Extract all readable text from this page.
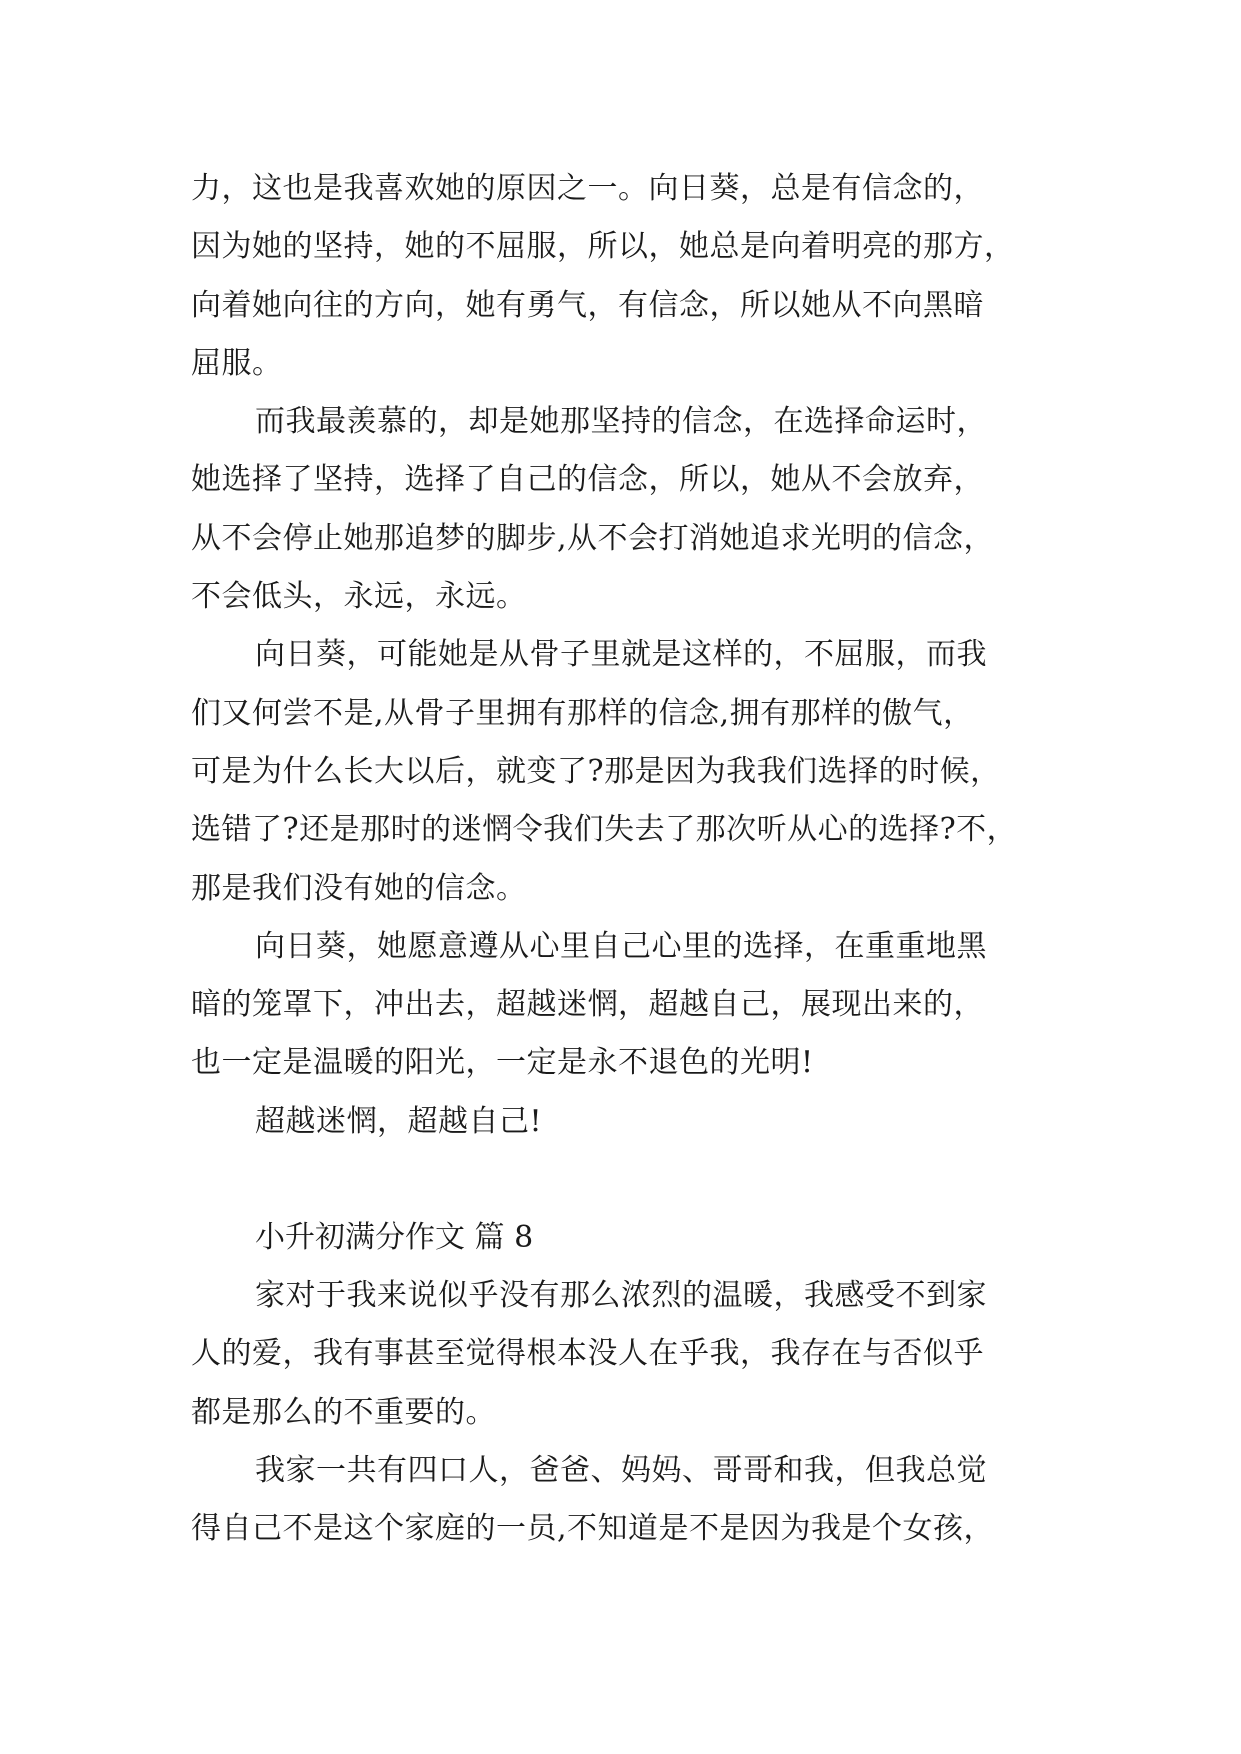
力，这也是我喜欢她的原因之一。向日葵，总是有信念的，
因为她的坚持，她的不屈服，所以，她总是向着明亮的那方，
向着她向往的方向，她有勇气，有信念，所以她从不向黑暗
屈服。
而我最羡慕的，却是她那坚持的信念，在选择命运时，
她选择了坚持，选择了自己的信念，所以，她从不会放弃，
从不会停止她那追梦的脚步,从不会打消她追求光明的信念，
不会低头，永远，永远。
向日葵，可能她是从骨子里就是这样的，不屈服，而我
们又何尝不是,从骨子里拥有那样的信念,拥有那样的傲气，
可是为什么长大以后，就变了?那是因为我我们选择的时候，
选错了?还是那时的迷惘令我们失去了那次听从心的选择?不，
那是我们没有她的信念。
向日葵，她愿意遵从心里自己心里的选择，在重重地黑
暗的笼罩下，冲出去，超越迷惘，超越自己，展现出来的，
也一定是温暖的阳光，一定是永不退色的光明!
超越迷惘，超越自己!
小升初满分作文 篇 8
家对于我来说似乎没有那么浓烈的温暖，我感受不到家
人的爱，我有事甚至觉得根本没人在乎我，我存在与否似乎
都是那么的不重要的。
我家一共有四口人，爸爸、妈妈、哥哥和我，但我总觉
得自己不是这个家庭的一员,不知道是不是因为我是个女孩，
